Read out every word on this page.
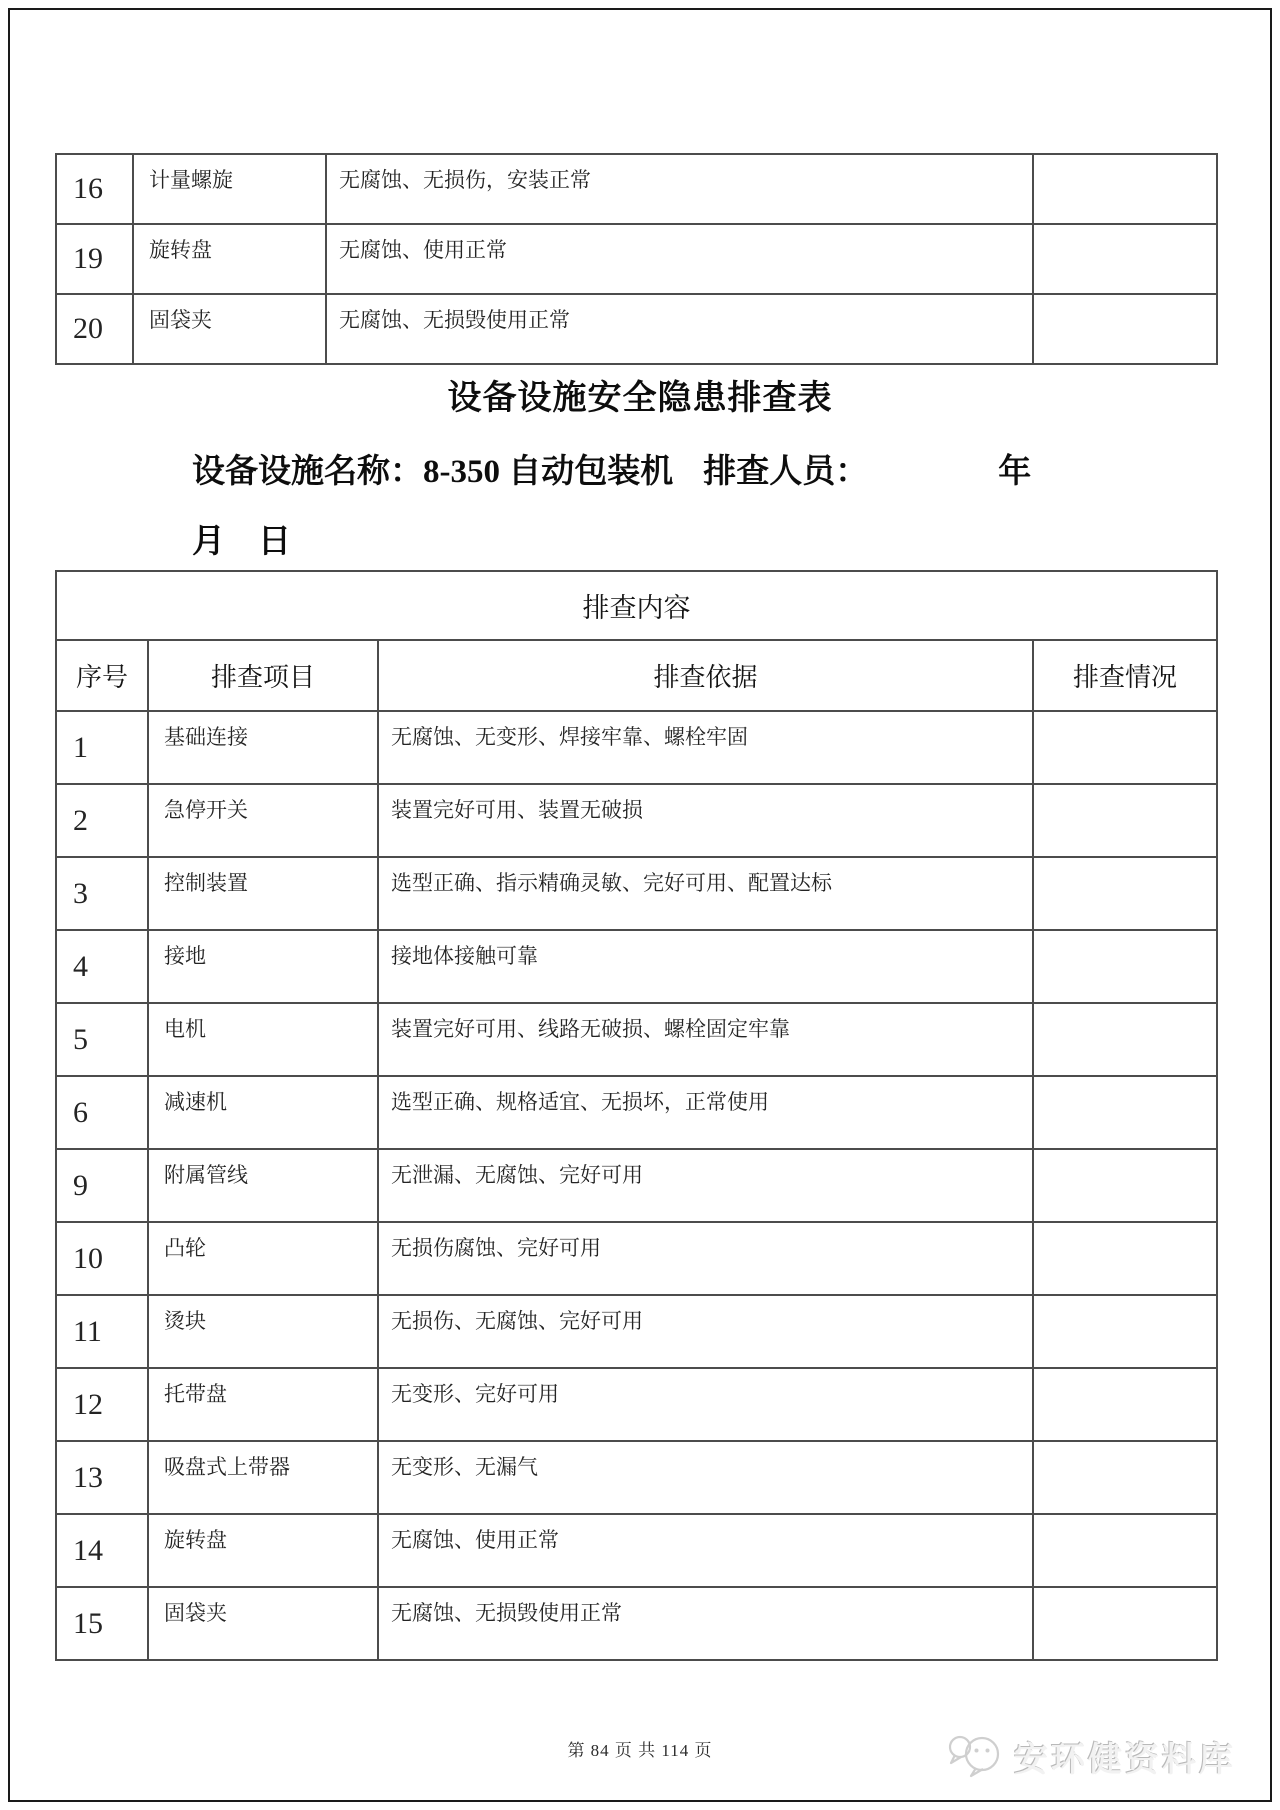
16	计量螺旋	无腐蚀、无损伤，安装正常	
19	旋转盘	无腐蚀、使用正常	
20	固袋夹	无腐蚀、无损毁使用正常	
设备设施安全隐患排查表
设备设施名称：8-350 自动包装机 排查人员：	年
月　日
排查内容			
序号	排查项目	排查依据	排查情况
1	基础连接	无腐蚀、无变形、焊接牢靠、螺栓牢固	
2	急停开关	装置完好可用、装置无破损	
3	控制装置	选型正确、指示精确灵敏、完好可用、配置达标	
4	接地	接地体接触可靠	
5	电机	装置完好可用、线路无破损、螺栓固定牢靠	
6	减速机	选型正确、规格适宜、无损坏，正常使用	
9	附属管线	无泄漏、无腐蚀、完好可用	
10	凸轮	无损伤腐蚀、完好可用	
11	烫块	无损伤、无腐蚀、完好可用	
12	托带盘	无变形、完好可用	
13	吸盘式上带器	无变形、无漏气	
14	旋转盘	无腐蚀、使用正常	
15	固袋夹	无腐蚀、无损毁使用正常	
第 84 页 共 114 页	安环健资料库
